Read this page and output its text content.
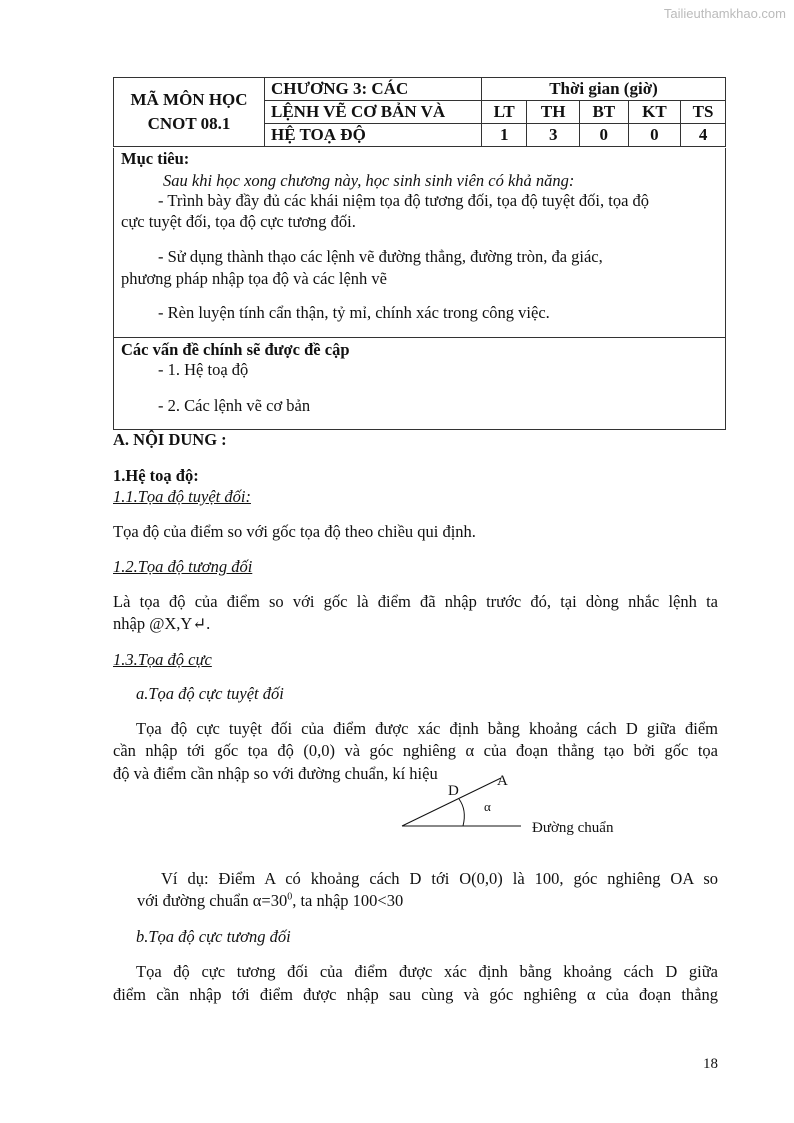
Tailieuthamkhao.com
MÃ MÔN HỌC
CNOT 08.1	CHƯƠNG 3: CÁC	Thời gian (giờ)				
	LỆNH VẼ CƠ BẢN VÀ	LT	TH	BT	KT	TS
	HỆ TOẠ ĐỘ	1	3	0	0	4
Mục tiêu:
Sau khi học xong chương này, học sinh sinh viên có khả năng:
- Trình bày đầy đủ các khái niệm tọa độ tương đối, tọa độ tuyệt đối, tọa độ
cực tuyệt đối, tọa độ cực tương đối.
- Sử dụng thành thạo các lệnh vẽ đường thẳng, đường tròn, đa giác,
phương pháp nhập tọa độ và các lệnh vẽ
- Rèn luyện tính cẩn thận, tỷ mỉ, chính xác trong công việc.
Các vấn đề chính sẽ được đề cập
- 1. Hệ toạ độ
- 2. Các lệnh vẽ cơ bản
A. NỘI DUNG :
1.Hệ toạ độ:
1.1.Tọa độ tuyệt đối:
Tọa độ của điểm so với gốc tọa độ theo chiều qui định.
1.2.Tọa độ tương đối
Là tọa độ của điểm so với gốc là điểm đã nhập trước đó, tại dòng nhắc lệnh ta
nhập @X,Y↵.
1.3.Tọa độ cực
a.Tọa độ cực tuyệt đối
Tọa độ cực tuyệt đối của điểm được xác định bằng khoảng cách D giữa điểm
cần nhập tới gốc tọa độ (0,0) và góc nghiêng α của đoạn thẳng tạo bởi gốc tọa
độ và điểm cần nhập so với đường chuẩn, kí hiệu	A
D
α
Đường chuẩn
Ví dụ: Điểm A có khoảng cách D tới O(0,0) là 100, góc nghiêng OA so
với đường chuẩn $\alpha=30^0$, ta nhập 100<30
b.Tọa độ cực tương đối
Tọa độ cực tương đối của điểm được xác định bằng khoảng cách D giữa
điểm cần nhập tới điểm được nhập sau cùng và góc nghiêng α của đoạn thẳng
18
